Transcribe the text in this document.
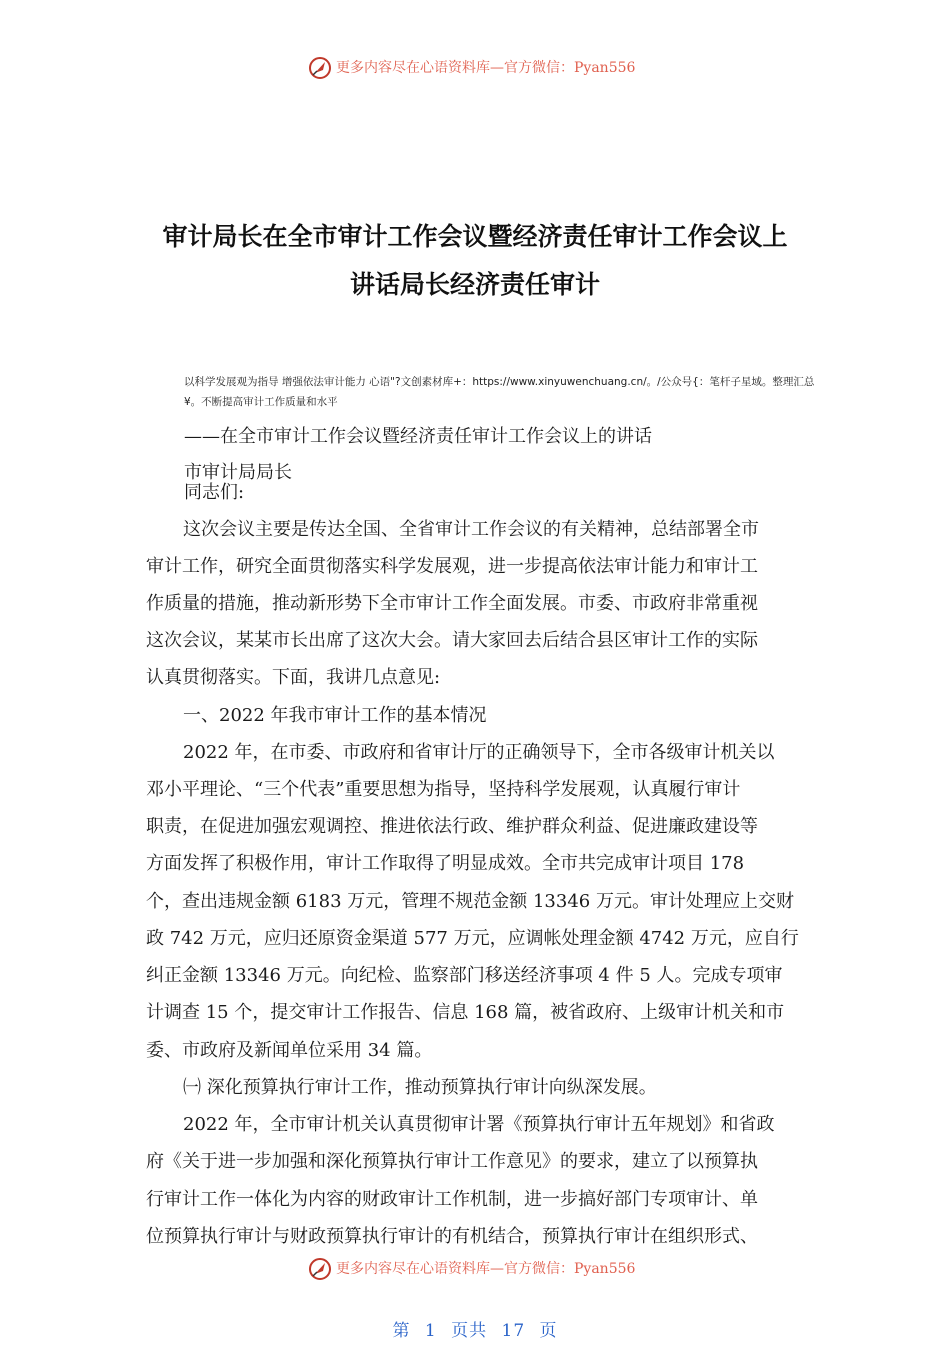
更多内容尽在心语资料库—官方微信：Pyan556
审计局长在全市审计工作会议暨经济责任审计工作会议上
讲话局长经济责任审计
以科学发展观为指导 增强依法审计能力 心语"?文创素材库+：https://www.xinyuwenchuang.cn/。/公众号{：笔杆子星域。整理汇总
¥。不断提高审计工作质量和水平
——在全市审计工作会议暨经济责任审计工作会议上的讲话
市审计局局长
同志们:
这次会议主要是传达全国、全省审计工作会议的有关精神，总结部署全市
审计工作，研究全面贯彻落实科学发展观，进一步提高依法审计能力和审计工
作质量的措施，推动新形势下全市审计工作全面发展。市委、市政府非常重视
这次会议，某某市长出席了这次大会。请大家回去后结合县区审计工作的实际
认真贯彻落实。下面，我讲几点意见:
一、2022 年我市审计工作的基本情况
2022 年，在市委、市政府和省审计厅的正确领导下，全市各级审计机关以
邓小平理论、“三个代表”重要思想为指导，坚持科学发展观，认真履行审计
职责，在促进加强宏观调控、推进依法行政、维护群众利益、促进廉政建设等
方面发挥了积极作用，审计工作取得了明显成效。全市共完成审计项目 178
个，查出违规金额 6183 万元，管理不规范金额 13346 万元。审计处理应上交财
政 742 万元，应归还原资金渠道 577 万元，应调帐处理金额 4742 万元，应自行
纠正金额 13346 万元。向纪检、监察部门移送经济事项 4 件 5 人。完成专项审
计调查 15 个，提交审计工作报告、信息 168 篇，被省政府、上级审计机关和市
委、市政府及新闻单位采用 34 篇。
㈠ 深化预算执行审计工作，推动预算执行审计向纵深发展。
2022 年，全市审计机关认真贯彻审计署《预算执行审计五年规划》和省政
府《关于进一步加强和深化预算执行审计工作意见》的要求，建立了以预算执
行审计工作一体化为内容的财政审计工作机制，进一步搞好部门专项审计、单
位预算执行审计与财政预算执行审计的有机结合，预算执行审计在组织形式、
更多内容尽在心语资料库—官方微信：Pyan556
第 1 页共 17 页
